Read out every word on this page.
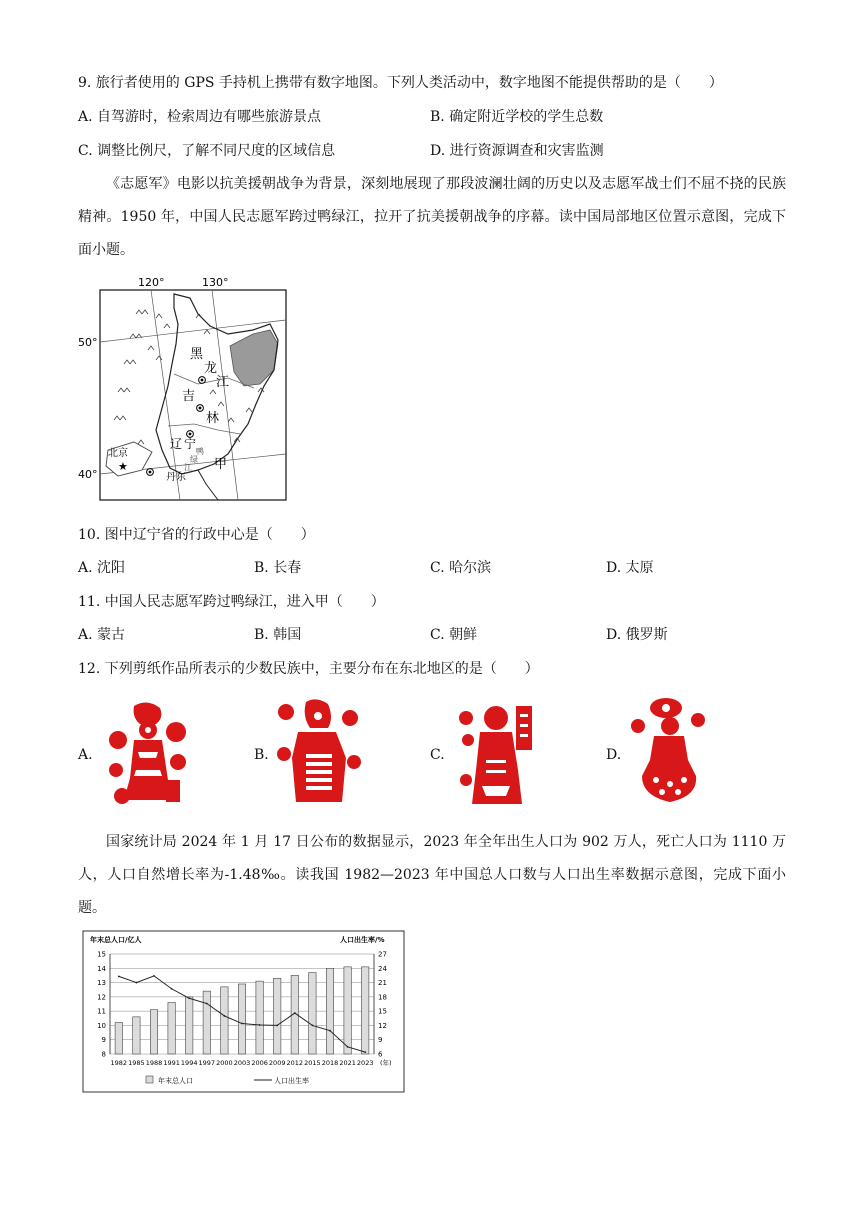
9. 旅行者使用的 GPS 手持机上携带有数字地图。下列人类活动中，数字地图不能提供帮助的是（　　）
A. 自驾游时，检索周边有哪些旅游景点	B. 确定附近学校的学生总数
C. 调整比例尺，了解不同尺度的区域信息	D. 进行资源调查和灾害监测
《志愿军》电影以抗美援朝战争为背景，深刻地展现了那段波澜壮阔的历史以及志愿军战士们不屈不挠的民族精神。1950 年，中国人民志愿军跨过鸭绿江，拉开了抗美援朝战争的序幕。读中国局部地区位置示意图，完成下面小题。
120°	130°
50°
40°
★
黑
龙
江
吉
林
辽 宁
甲
北京
丹东
鸭
绿
江
10. 图中辽宁省的行政中心是（　　）
A. 沈阳	B. 长春	C. 哈尔滨	D. 太原
11. 中国人民志愿军跨过鸭绿江，进入甲（　　）
A. 蒙古	B. 韩国	C. 朝鲜	D. 俄罗斯
12. 下列剪纸作品所表示的少数民族中，主要分布在东北地区的是（　　）
A.	B.	C.	D.
国家统计局 2024 年 1 月 17 日公布的数据显示，2023 年全年出生人口为 902 万人，死亡人口为 1110 万人，人口自然增长率为-1.48‰。读我国 1982—2023 年中国总人口数与人口出生率数据示意图，完成下面小题。
年末总人口/亿人	人口出生率/%
8
9
10
11
12
13
14
15
6
9
12
15
18
21
24
27
1982 1985 1988 1991 1994 1997 2000 2003 2006 2009 2012 2015 2018 2021 2023 (年)
年末总人口	人口出生率
